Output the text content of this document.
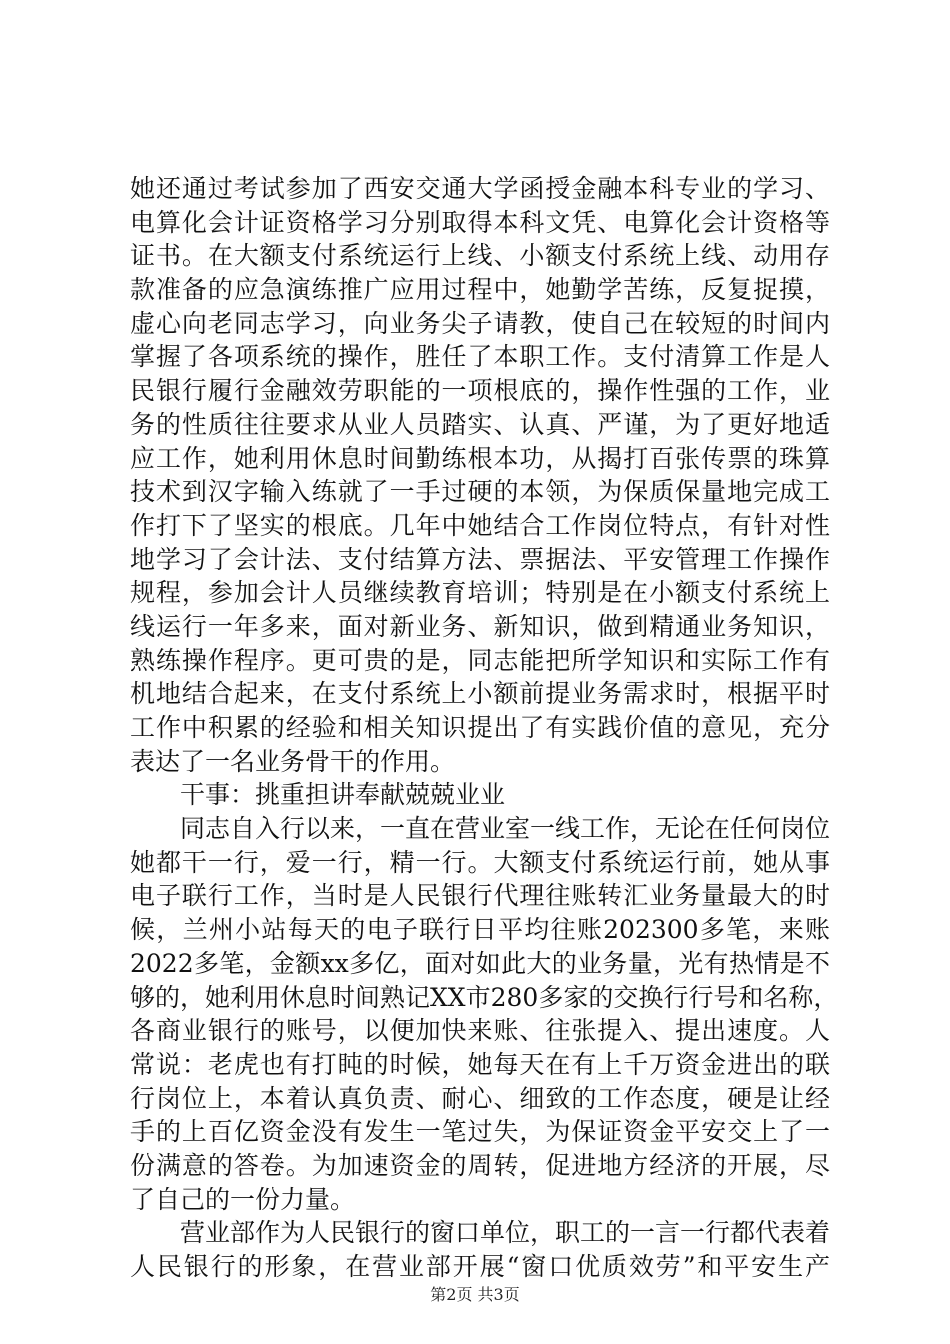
她还通过考试参加了西安交通大学函授金融本科专业的学习、
电算化会计证资格学习分别取得本科文凭、电算化会计资格等
证书。在大额支付系统运行上线、小额支付系统上线、动用存
款准备的应急演练推广应用过程中，她勤学苦练，反复捉摸，
虚心向老同志学习，向业务尖子请教，使自己在较短的时间内
掌握了各项系统的操作，胜任了本职工作。支付清算工作是人
民银行履行金融效劳职能的一项根底的，操作性强的工作，业
务的性质往往要求从业人员踏实、认真、严谨，为了更好地适
应工作，她利用休息时间勤练根本功，从揭打百张传票的珠算
技术到汉字输入练就了一手过硬的本领，为保质保量地完成工
作打下了坚实的根底。几年中她结合工作岗位特点，有针对性
地学习了会计法、支付结算方法、票据法、平安管理工作操作
规程，参加会计人员继续教育培训；特别是在小额支付系统上
线运行一年多来，面对新业务、新知识，做到精通业务知识，
熟练操作程序。更可贵的是，同志能把所学知识和实际工作有
机地结合起来，在支付系统上小额前提业务需求时，根据平时
工作中积累的经验和相关知识提出了有实践价值的意见，充分
表达了一名业务骨干的作用。
干事：挑重担讲奉献兢兢业业
同志自入行以来，一直在营业室一线工作，无论在任何岗位
她都干一行，爱一行，精一行。大额支付系统运行前，她从事
电子联行工作，当时是人民银行代理往账转汇业务量最大的时
候，兰州小站每天的电子联行日平均往账202300多笔，来账
2022多笔，金额xx多亿，面对如此大的业务量，光有热情是不
够的，她利用休息时间熟记XX市280多家的交换行行号和名称，
各商业银行的账号，以便加快来账、往张提入、提出速度。人
常说：老虎也有打盹的时候，她每天在有上千万资金进出的联
行岗位上，本着认真负责、耐心、细致的工作态度，硬是让经
手的上百亿资金没有发生一笔过失，为保证资金平安交上了一
份满意的答卷。为加速资金的周转，促进地方经济的开展，尽
了自己的一份力量。
营业部作为人民银行的窗口单位，职工的一言一行都代表着
人民银行的形象，在营业部开展“窗口优质效劳”和平安生产
第2页 共3页
